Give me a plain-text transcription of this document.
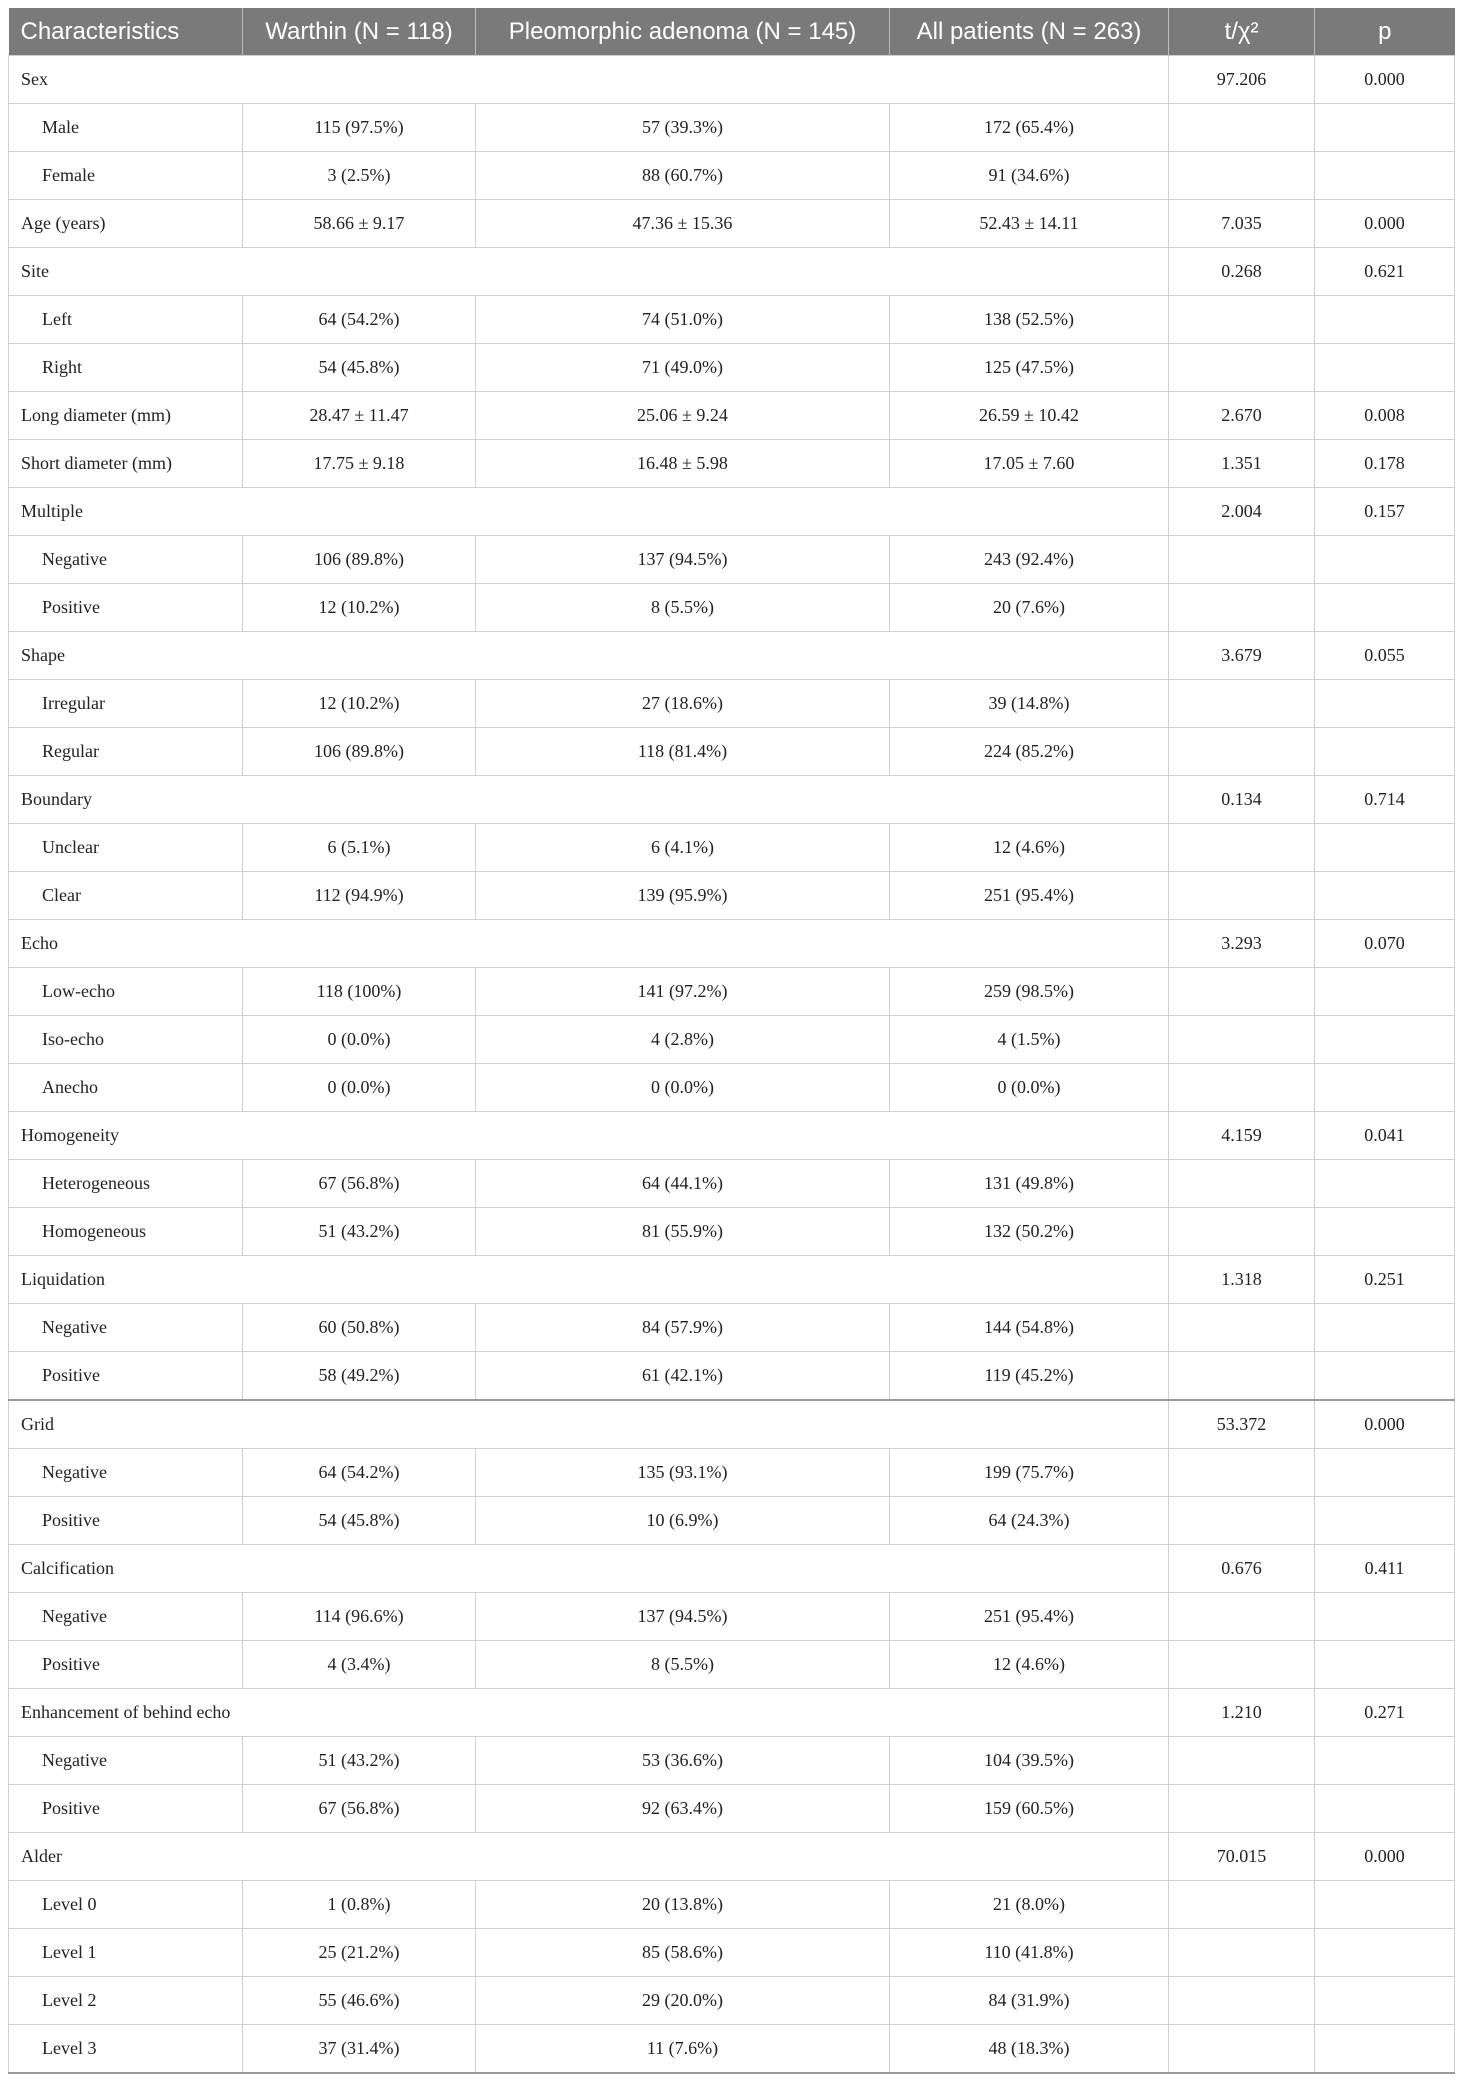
Characteristics	Warthin (N = 118)	Pleomorphic adenoma (N = 145)	All patients (N = 263)	t/χ²	p
Sex				97.206	0.000
Male	115 (97.5%)	57 (39.3%)	172 (65.4%)		
Female	3 (2.5%)	88 (60.7%)	91 (34.6%)		
Age (years)	58.66 ± 9.17	47.36 ± 15.36	52.43 ± 14.11	7.035	0.000
Site				0.268	0.621
Left	64 (54.2%)	74 (51.0%)	138 (52.5%)		
Right	54 (45.8%)	71 (49.0%)	125 (47.5%)		
Long diameter (mm)	28.47 ± 11.47	25.06 ± 9.24	26.59 ± 10.42	2.670	0.008
Short diameter (mm)	17.75 ± 9.18	16.48 ± 5.98	17.05 ± 7.60	1.351	0.178
Multiple				2.004	0.157
Negative	106 (89.8%)	137 (94.5%)	243 (92.4%)		
Positive	12 (10.2%)	8 (5.5%)	20 (7.6%)		
Shape				3.679	0.055
Irregular	12 (10.2%)	27 (18.6%)	39 (14.8%)		
Regular	106 (89.8%)	118 (81.4%)	224 (85.2%)		
Boundary				0.134	0.714
Unclear	6 (5.1%)	6 (4.1%)	12 (4.6%)		
Clear	112 (94.9%)	139 (95.9%)	251 (95.4%)		
Echo				3.293	0.070
Low-echo	118 (100%)	141 (97.2%)	259 (98.5%)		
Iso-echo	0 (0.0%)	4 (2.8%)	4 (1.5%)		
Anecho	0 (0.0%)	0 (0.0%)	0 (0.0%)		
Homogeneity				4.159	0.041
Heterogeneous	67 (56.8%)	64 (44.1%)	131 (49.8%)		
Homogeneous	51 (43.2%)	81 (55.9%)	132 (50.2%)		
Liquidation				1.318	0.251
Negative	60 (50.8%)	84 (57.9%)	144 (54.8%)		
Positive	58 (49.2%)	61 (42.1%)	119 (45.2%)		
Grid				53.372	0.000
Negative	64 (54.2%)	135 (93.1%)	199 (75.7%)		
Positive	54 (45.8%)	10 (6.9%)	64 (24.3%)		
Calcification				0.676	0.411
Negative	114 (96.6%)	137 (94.5%)	251 (95.4%)		
Positive	4 (3.4%)	8 (5.5%)	12 (4.6%)		
Enhancement of behind echo				1.210	0.271
Negative	51 (43.2%)	53 (36.6%)	104 (39.5%)		
Positive	67 (56.8%)	92 (63.4%)	159 (60.5%)		
Alder				70.015	0.000
Level 0	1 (0.8%)	20 (13.8%)	21 (8.0%)		
Level 1	25 (21.2%)	85 (58.6%)	110 (41.8%)		
Level 2	55 (46.6%)	29 (20.0%)	84 (31.9%)		
Level 3	37 (31.4%)	11 (7.6%)	48 (18.3%)		
